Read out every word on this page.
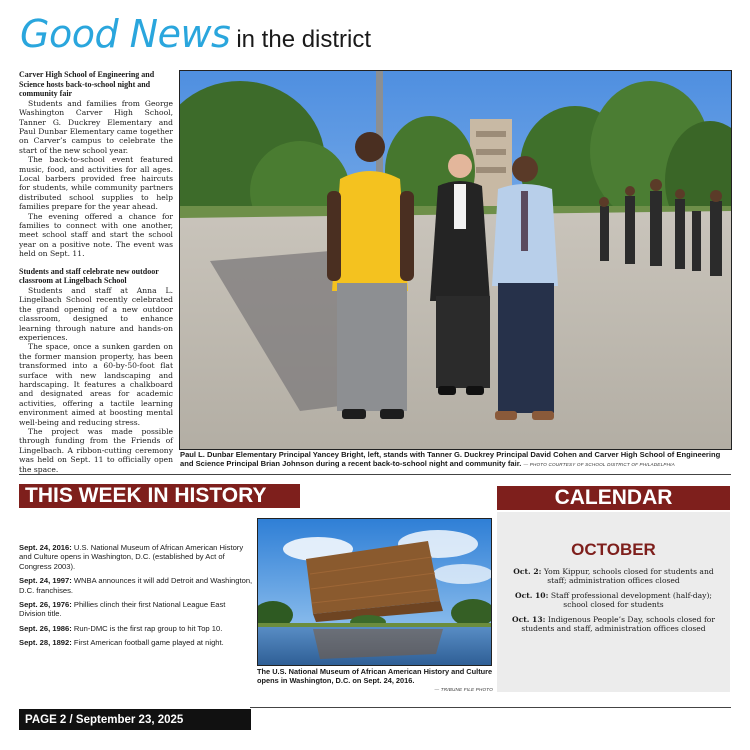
Good News in the district
Carver High School of Engineering and Science hosts back-to-school night and community fair

Students and families from George Washington Carver High School, Tanner G. Duckrey Elementary and Paul Dunbar Elementary came together on Carver’s campus to celebrate the start of the new school year.

The back-to-school event featured music, food, and activities for all ages. Local barbers provided free haircuts for students, while community partners distributed school supplies to help families prepare for the year ahead.

The evening offered a chance for families to connect with one another, meet school staff and start the school year on a positive note. The event was held on Sept. 11.

Students and staff celebrate new outdoor classroom at Lingelbach School

Students and staff at Anna L. Lingelbach School recently celebrated the grand opening of a new outdoor classroom, designed to enhance learning through nature and hands-on experiences.

The space, once a sunken garden on the former mansion property, has been transformed into a 60-by-50-foot flat surface with new landscaping and hardscaping. It features a chalkboard and designated areas for academic activities, offering a tactile learning environment aimed at boosting mental well-being and reducing stress.

The project was made possible through funding from the Friends of Lingelbach. A ribbon-cutting ceremony was held on Sept. 11 to officially open the space.

Paul L. Dunbar Elementary Principal Yancey Bright, left, stands with Tanner G. Duckrey Principal David Cohen and Carver High School of Engineering and Science Principal Brian Johnson during a recent back-to-school night and community fair. — PHOTO COURTESY OF SCHOOL DISTRICT OF PHILADELPHIA
THIS WEEK IN HISTORY
Sept. 24, 2016: U.S. National Museum of African American History and Culture opens in Washington, D.C. (established by Act of Congress 2003).
Sept. 24, 1997: WNBA announces it will add Detroit and Washington, D.C. franchises.
Sept. 26, 1976: Phillies clinch their first National League East Division title.
Sept. 26, 1986: Run-DMC is the first rap group to hit Top 10.
Sept. 28, 1892: First American football game played at night.
The U.S. National Museum of African American History and Culture opens in Washington, D.C. on Sept. 24, 2016.
— TRIBUNE FILE PHOTO
CALENDAR
OCTOBER
Oct. 2: Yom Kippur, schools closed for students and staff; administration offices closed
Oct. 10: Staff professional development (half-day); school closed for students
Oct. 13: Indigenous People’s Day, schools closed for students and staff, administration offices closed
PAGE 2 / September 23, 2025
